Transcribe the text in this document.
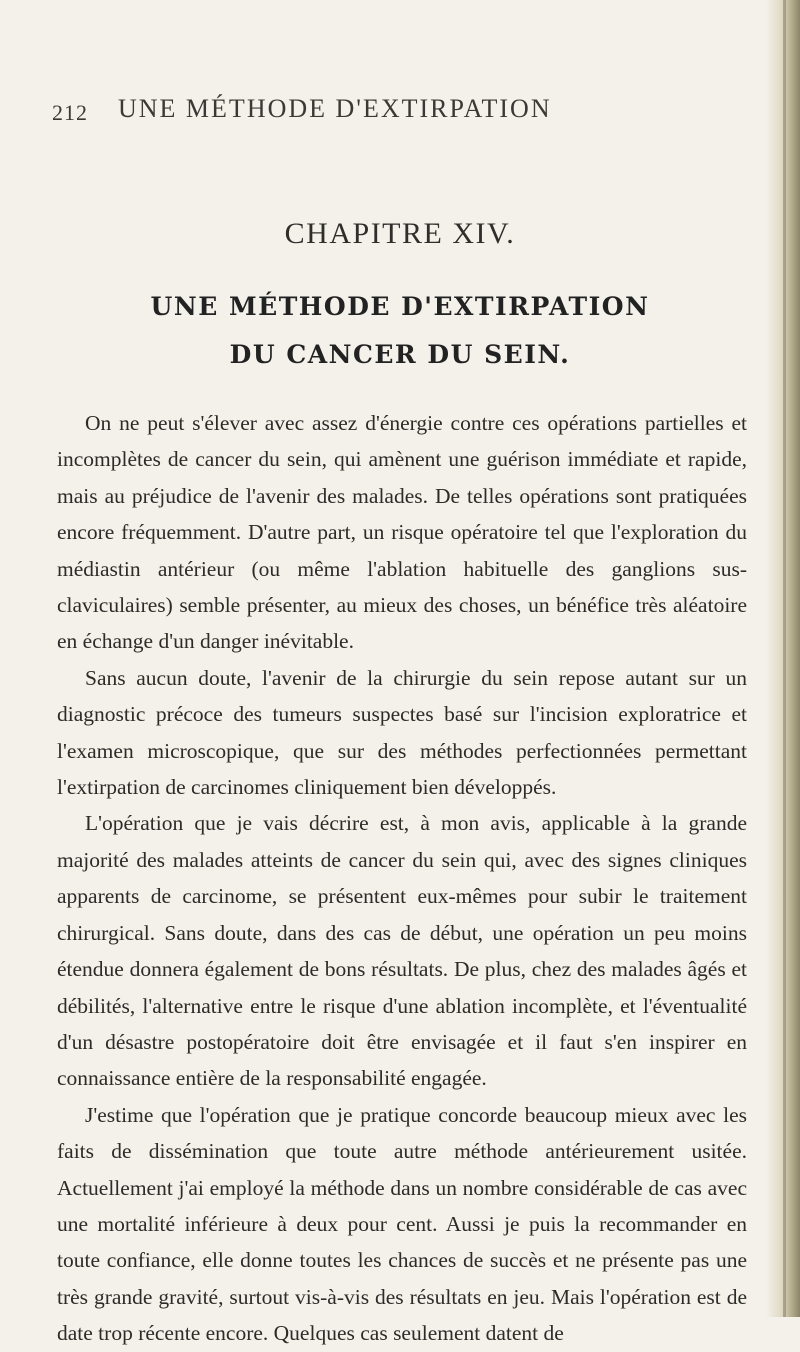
212 UNE MÉTHODE D'EXTIRPATION
CHAPITRE XIV.
UNE MÉTHODE D'EXTIRPATION
DU CANCER DU SEIN.

On ne peut s'élever avec assez d'énergie contre ces opérations partielles et incomplètes de cancer du sein, qui amènent une guérison immédiate et rapide, mais au préjudice de l'avenir des malades. De telles opérations sont pratiquées encore fréquemment. D'autre part, un risque opératoire tel que l'exploration du médiastin antérieur (ou même l'ablation habituelle des ganglions sus-claviculaires) semble présenter, au mieux des choses, un bénéfice très aléatoire en échange d'un danger inévitable.

Sans aucun doute, l'avenir de la chirurgie du sein repose autant sur un diagnostic précoce des tumeurs suspectes basé sur l'incision exploratrice et l'examen microscopique, que sur des méthodes perfectionnées permettant l'extirpation de carcinomes cliniquement bien développés.

L'opération que je vais décrire est, à mon avis, applicable à la grande majorité des malades atteints de cancer du sein qui, avec des signes cliniques apparents de carcinome, se présentent eux-mêmes pour subir le traitement chirurgical. Sans doute, dans des cas de début, une opération un peu moins étendue donnera également de bons résultats. De plus, chez des malades âgés et débilités, l'alternative entre le risque d'une ablation incomplète, et l'éventualité d'un désastre postopératoire doit être envisagée et il faut s'en inspirer en connaissance entière de la responsabilité engagée.

J'estime que l'opération que je pratique concorde beaucoup mieux avec les faits de dissémination que toute autre méthode antérieurement usitée. Actuellement j'ai employé la méthode dans un nombre considérable de cas avec une mortalité inférieure à deux pour cent. Aussi je puis la recommander en toute confiance, elle donne toutes les chances de succès et ne présente pas une très grande gravité, surtout vis-à-vis des résultats en jeu. Mais l'opération est de date trop récente encore. Quelques cas seulement datent de
